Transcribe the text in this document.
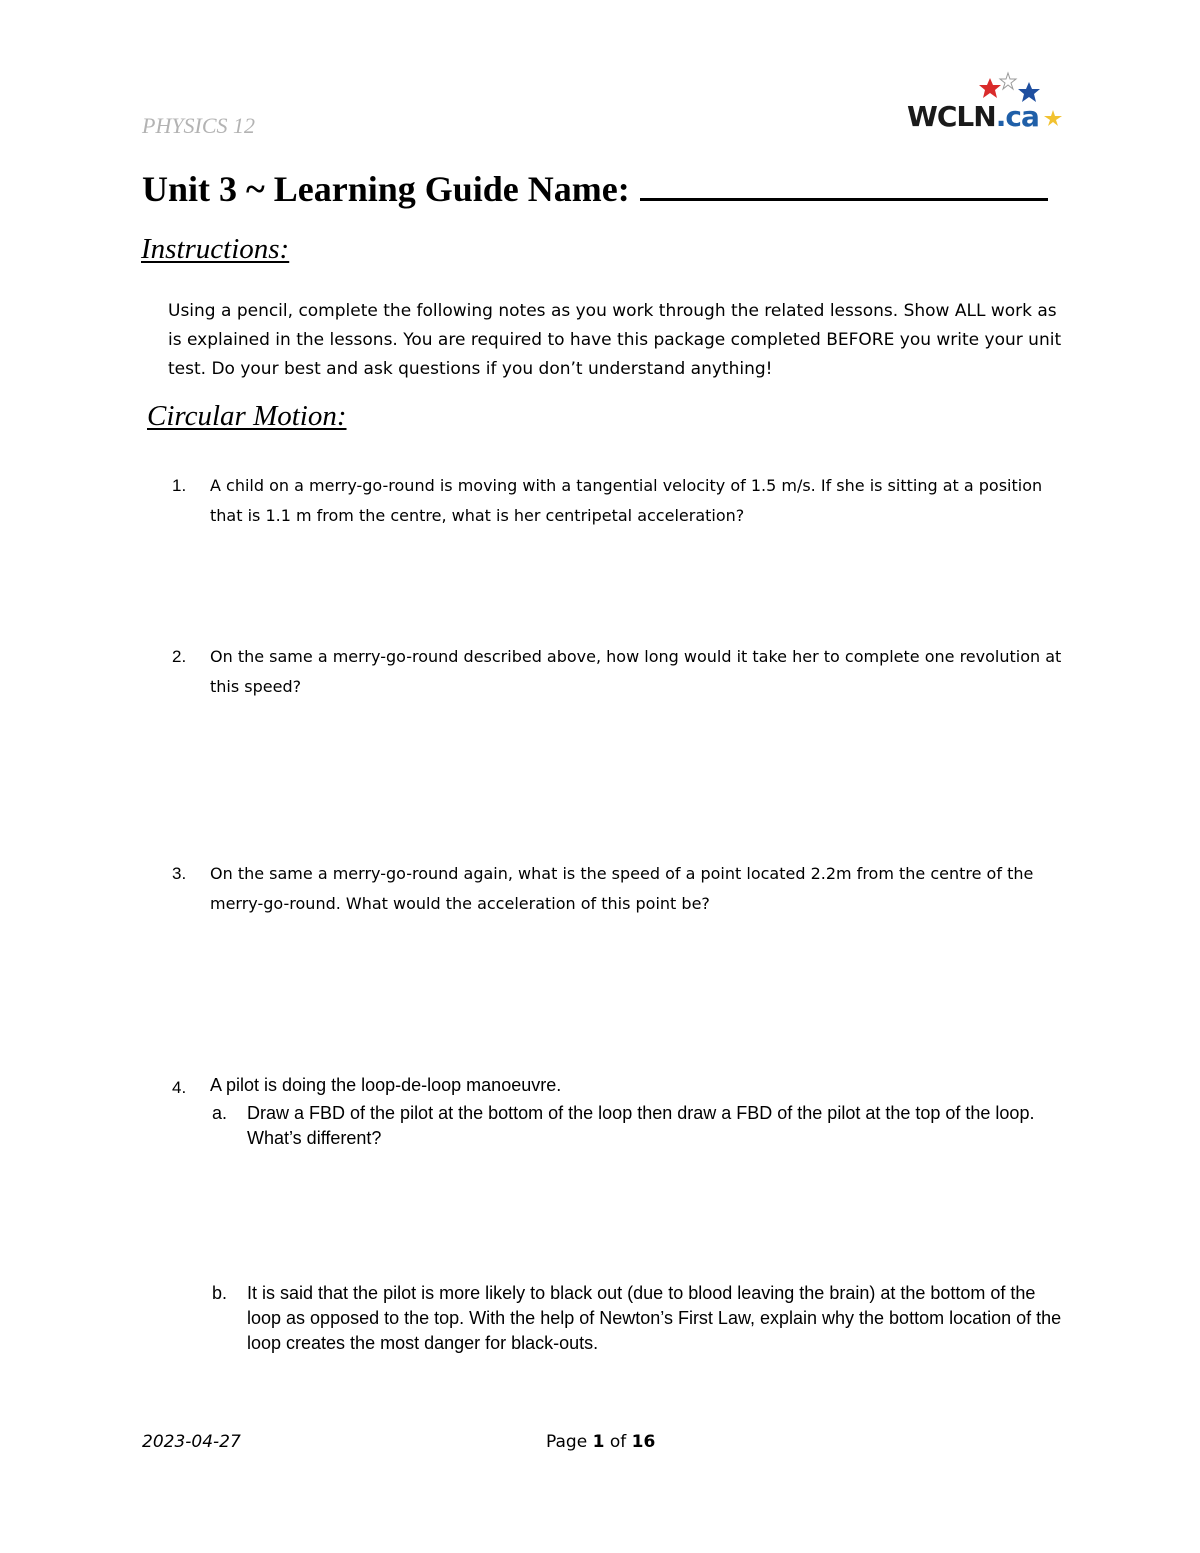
PHYSICS 12	WCLN.ca
Unit 3 ~ Learning Guide Name:
Instructions:
Using a pencil, complete the following notes as you work through the related lessons. Show ALL work as is explained in the lessons. You are required to have this package completed BEFORE you write your unit test. Do your best and ask questions if you don’t understand anything!
Circular Motion:
1. A child on a merry-go-round is moving with a tangential velocity of 1.5 m/s. If she is sitting at a position that is 1.1 m from the centre, what is her centripetal acceleration?
2. On the same a merry-go-round described above, how long would it take her to complete one revolution at this speed?
3. On the same a merry-go-round again, what is the speed of a point located 2.2m from the centre of the merry-go-round. What would the acceleration of this point be?
4. A pilot is doing the loop-de-loop manoeuvre.
a. Draw a FBD of the pilot at the bottom of the loop then draw a FBD of the pilot at the top of the loop. What’s different?
b. It is said that the pilot is more likely to black out (due to blood leaving the brain) at the bottom of the loop as opposed to the top. With the help of Newton’s First Law, explain why the bottom location of the loop creates the most danger for black-outs.
2023-04-27	Page 1 of 16
